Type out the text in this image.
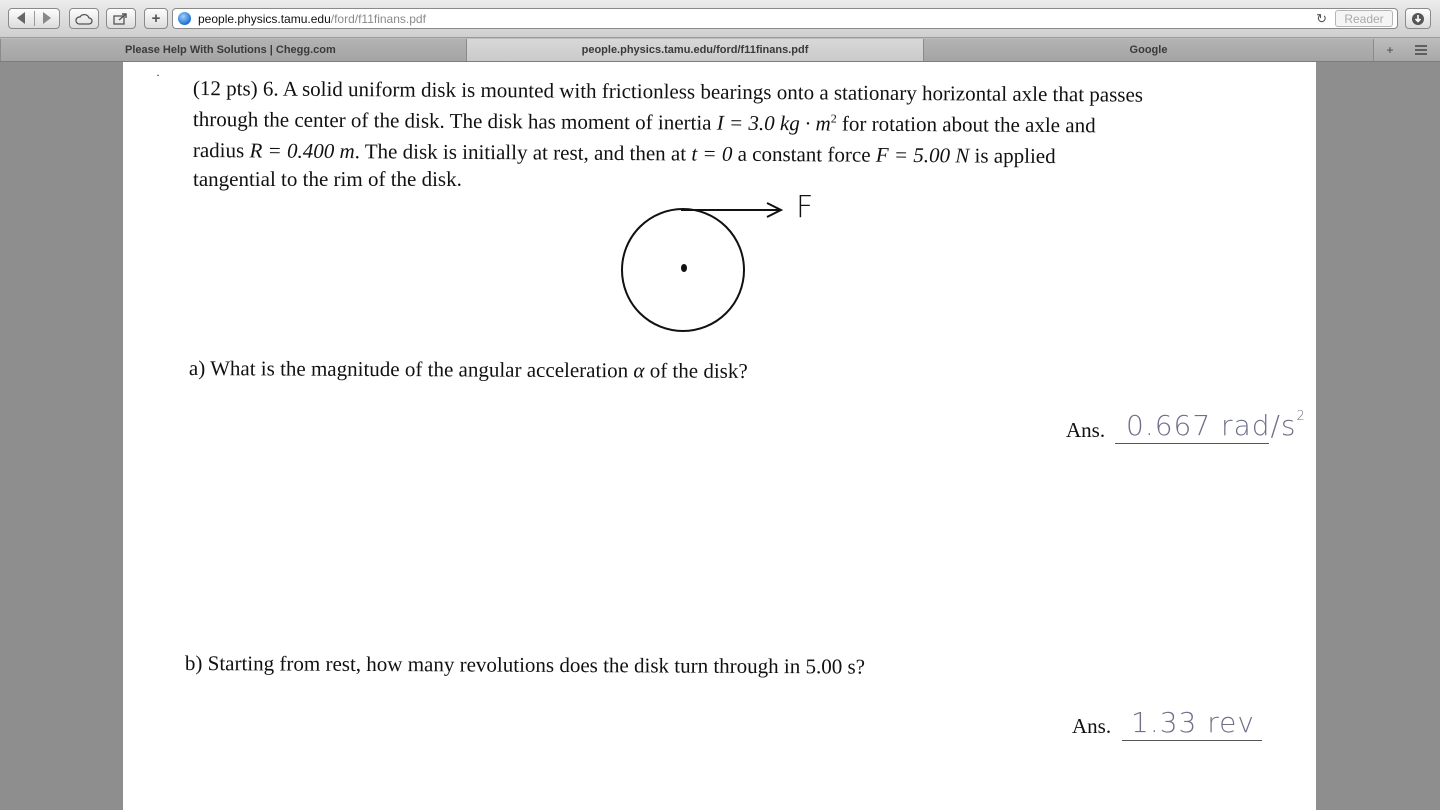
+	people.physics.tamu.edu /ford/f11finans.pdf	↻	Reader
Please Help With Solutions | Chegg.com	people.physics.tamu.edu/ford/f11finans.pdf	Google	+
·
(12 pts) 6. A solid uniform disk is mounted with frictionless bearings onto a stationary horizontal axle that passes
through the center of the disk. The disk has moment of inertia I = 3.0 kg · $m^2$ for rotation about the axle and
radius R = 0.400 m. The disk is initially at rest, and then at t = 0 a constant force F = 5.00 N is applied
tangential to the rim of the disk.
F
a) What is the magnitude of the angular acceleration α of the disk?
Ans. 0.667 rad/$s^2$
b) Starting from rest, how many revolutions does the disk turn through in 5.00 s?
Ans. 1.33 rev
